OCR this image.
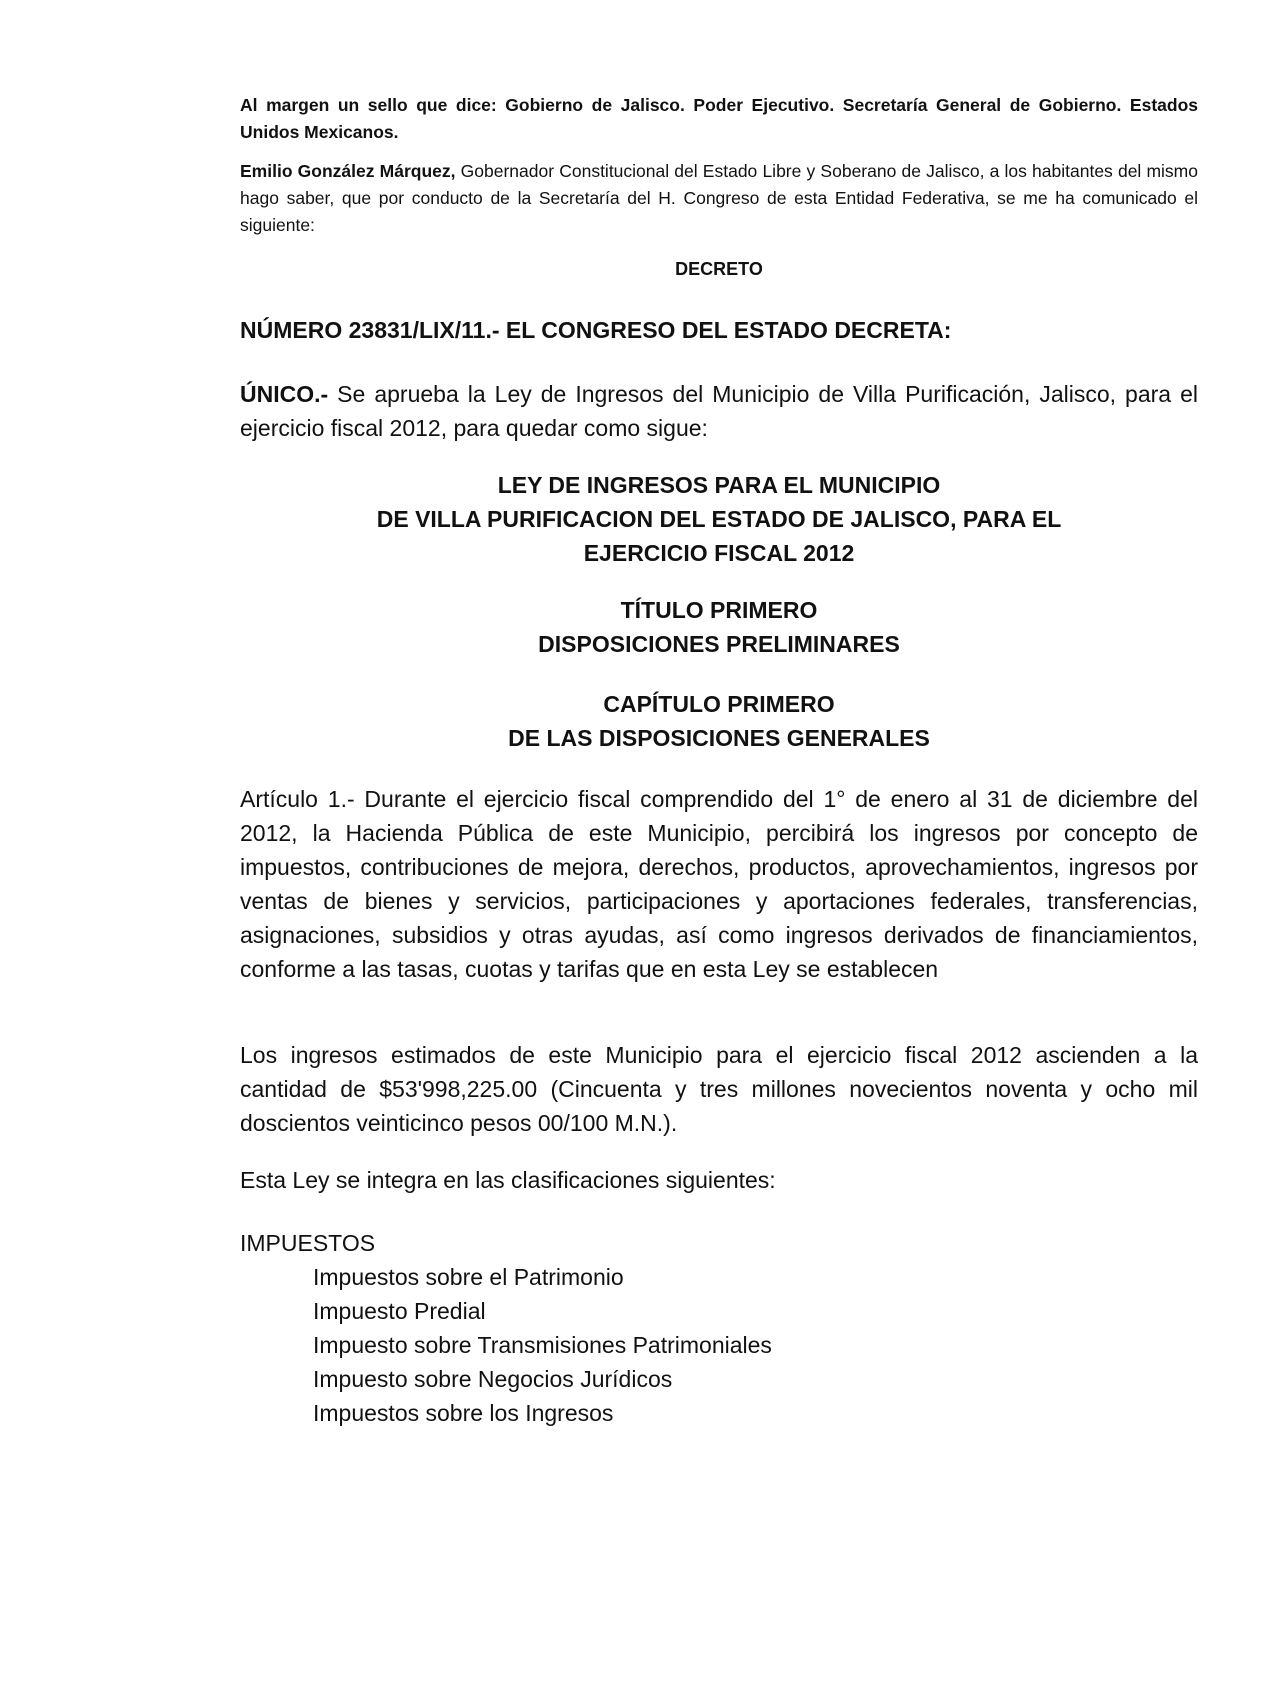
Al margen un sello que dice: Gobierno de Jalisco. Poder Ejecutivo. Secretaría General de Gobierno. Estados Unidos Mexicanos.

Emilio González Márquez, Gobernador Constitucional del Estado Libre y Soberano de Jalisco, a los habitantes del mismo hago saber, que por conducto de la Secretaría del H. Congreso de esta Entidad Federativa, se me ha comunicado el siguiente:

DECRETO

NÚMERO 23831/LIX/11.- EL CONGRESO DEL ESTADO DECRETA:

ÚNICO.- Se aprueba la Ley de Ingresos del Municipio de Villa Purificación, Jalisco, para el ejercicio fiscal 2012, para quedar como sigue:

LEY DE INGRESOS PARA EL MUNICIPIO
DE VILLA PURIFICACION DEL ESTADO DE JALISCO, PARA EL
EJERCICIO FISCAL 2012
TÍTULO PRIMERO
DISPOSICIONES PRELIMINARES
CAPÍTULO PRIMERO
DE LAS DISPOSICIONES GENERALES

Artículo 1.- Durante el ejercicio fiscal comprendido del 1° de enero al 31 de diciembre del 2012, la Hacienda Pública de este Municipio, percibirá los ingresos por concepto de impuestos, contribuciones de mejora, derechos, productos, aprovechamientos, ingresos por ventas de bienes y servicios, participaciones y aportaciones federales, transferencias, asignaciones, subsidios y otras ayudas, así como ingresos derivados de financiamientos, conforme a las tasas, cuotas y tarifas que en esta Ley se establecen

Los ingresos estimados de este Municipio para el ejercicio fiscal 2012 ascienden a la cantidad de $53'998,225.00 (Cincuenta y tres millones novecientos noventa y ocho mil doscientos veinticinco pesos 00/100 M.N.).

Esta Ley se integra en las clasificaciones siguientes:

IMPUESTOS
Impuestos sobre el Patrimonio
Impuesto Predial
Impuesto sobre Transmisiones Patrimoniales
Impuesto sobre Negocios Jurídicos
Impuestos sobre los Ingresos
